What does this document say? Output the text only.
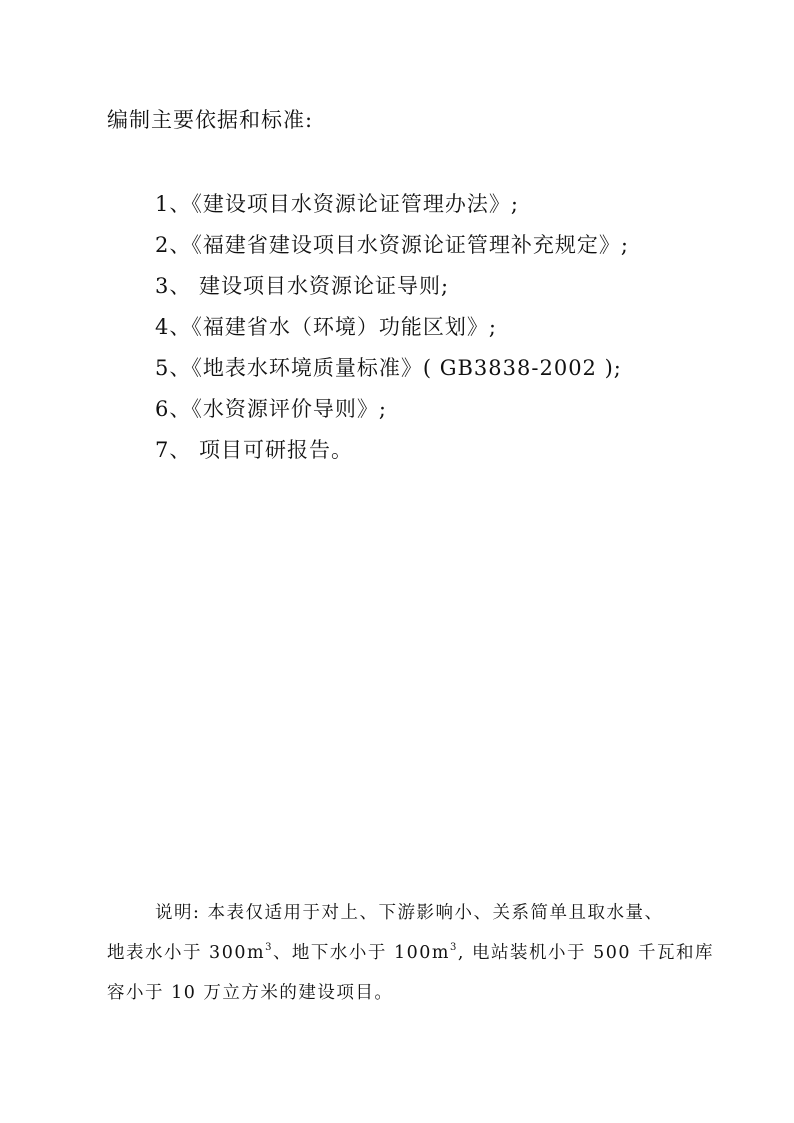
编制主要依据和标准:
1、《建设项目水资源论证管理办法》;
2、《福建省建设项目水资源论证管理补充规定》;
3、 建设项目水资源论证导则;
4、《福建省水（环境）功能区划》;
5、《地表水环境质量标准》( GB3838-2002 );
6、《水资源评价导则》;
7、 项目可研报告。
说明: 本表仅适用于对上、下游影响小、关系简单且取水量、
地表水小于 $300m^3$、地下水小于 $100m^3$, 电站装机小于 500 千瓦和库
容小于 10 万立方米的建设项目。
